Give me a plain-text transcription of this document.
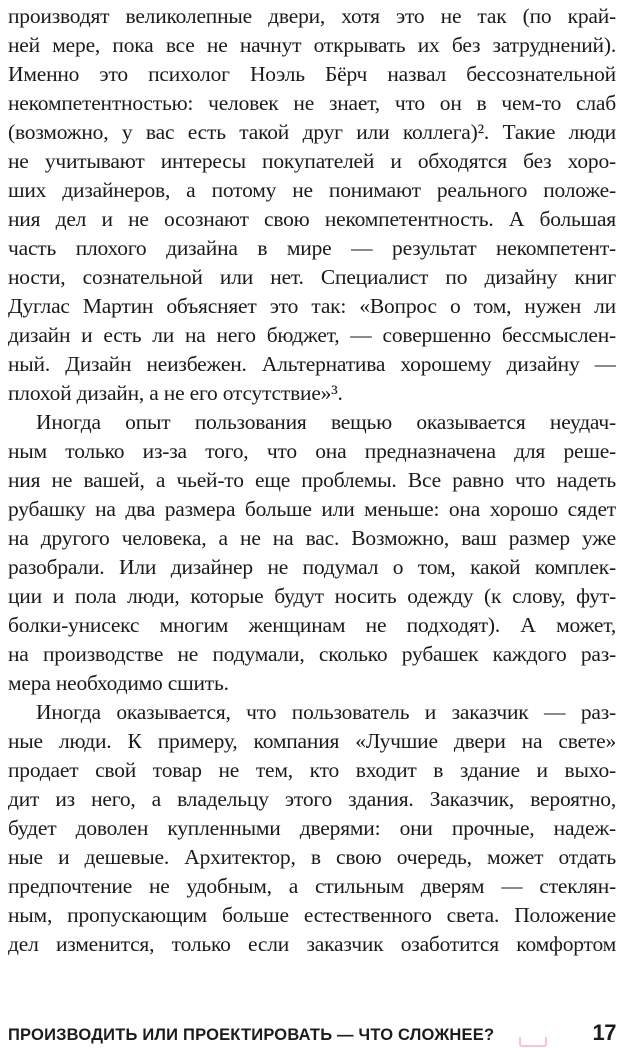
производят великолепные двери, хотя это не так (по край-
ней мере, пока все не начнут открывать их без затруднений).
Именно это психолог Ноэль Бёрч назвал бессознательной
некомпетентностью: человек не знает, что он в чем-то слаб
(возможно, у вас есть такой друг или коллега)². Такие люди
не учитывают интересы покупателей и обходятся без хоро-
ших дизайнеров, а потому не понимают реального положе-
ния дел и не осознают свою некомпетентность. А большая
часть плохого дизайна в мире — результат некомпетент-
ности, сознательной или нет. Специалист по дизайну книг
Дуглас Мартин объясняет это так: «Вопрос о том, нужен ли
дизайн и есть ли на него бюджет, — совершенно бессмыслен-
ный. Дизайн неизбежен. Альтернатива хорошему дизайну —
плохой дизайн, а не его отсутствие»³.
Иногда опыт пользования вещью оказывается неудач-
ным только из-за того, что она предназначена для реше-
ния не вашей, а чьей-то еще проблемы. Все равно что надеть
рубашку на два размера больше или меньше: она хорошо сядет
на другого человека, а не на вас. Возможно, ваш размер уже
разобрали. Или дизайнер не подумал о том, какой комплек-
ции и пола люди, которые будут носить одежду (к слову, фут-
болки-унисекс многим женщинам не подходят). А может,
на производстве не подумали, сколько рубашек каждого раз-
мера необходимо сшить.
Иногда оказывается, что пользователь и заказчик — раз-
ные люди. К примеру, компания «Лучшие двери на свете»
продает свой товар не тем, кто входит в здание и выхо-
дит из него, а владельцу этого здания. Заказчик, вероятно,
будет доволен купленными дверями: они прочные, надеж-
ные и дешевые. Архитектор, в свою очередь, может отдать
предпочтение не удобным, а стильным дверям — стеклян-
ным, пропускающим больше естественного света. Положение
дел изменится, только если заказчик озаботится комфортом
ПРОИЗВОДИТЬ ИЛИ ПРОЕКТИРОВАТЬ — ЧТО СЛОЖНЕЕ?	17
